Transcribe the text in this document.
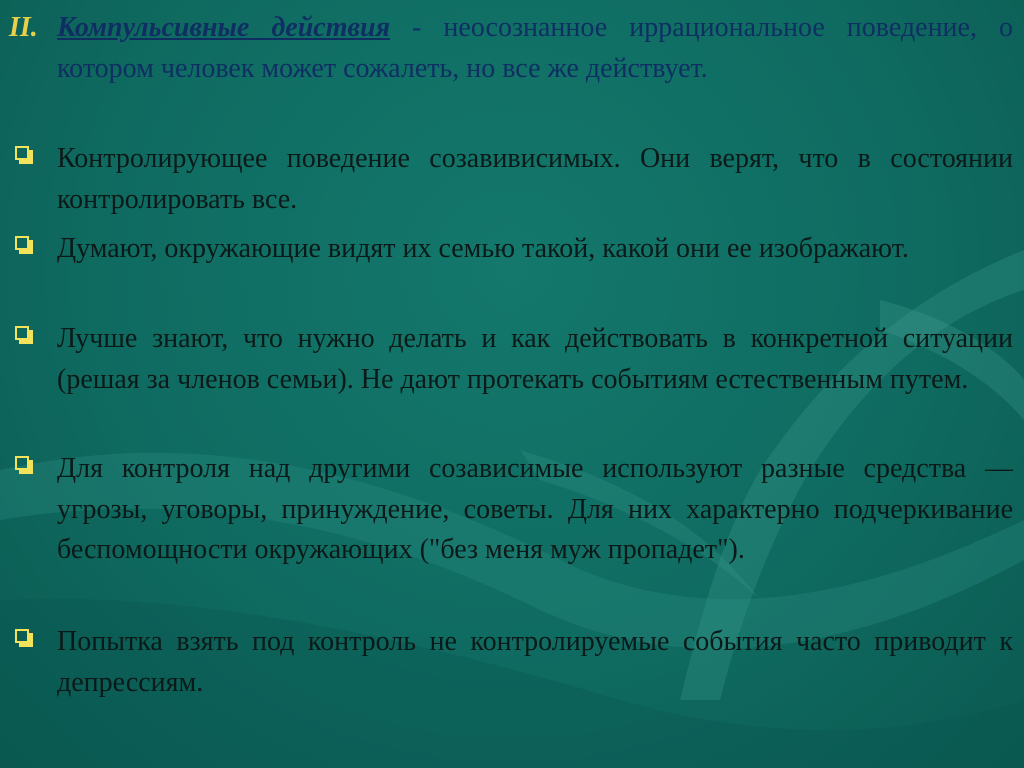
II. Компульсивные действия - неосознанное иррациональное поведение, о котором человек может сожалеть, но все же действует.
Контролирующее поведение созавивисимых. Они верят, что в состоянии контролировать все.
Думают, окружающие видят их семью такой, какой они ее изображают.
Лучше знают, что нужно делать и как действовать в конкретной ситуации (решая за членов семьи). Не дают протекать событиям естественным путем.
Для контроля над другими созависимые используют разные средства — угрозы, уговоры, принуждение, советы. Для них характерно подчеркивание беспомощности окружающих ("без меня муж пропадет").
Попытка взять под контроль не контролируемые события часто приводит к депрессиям.
